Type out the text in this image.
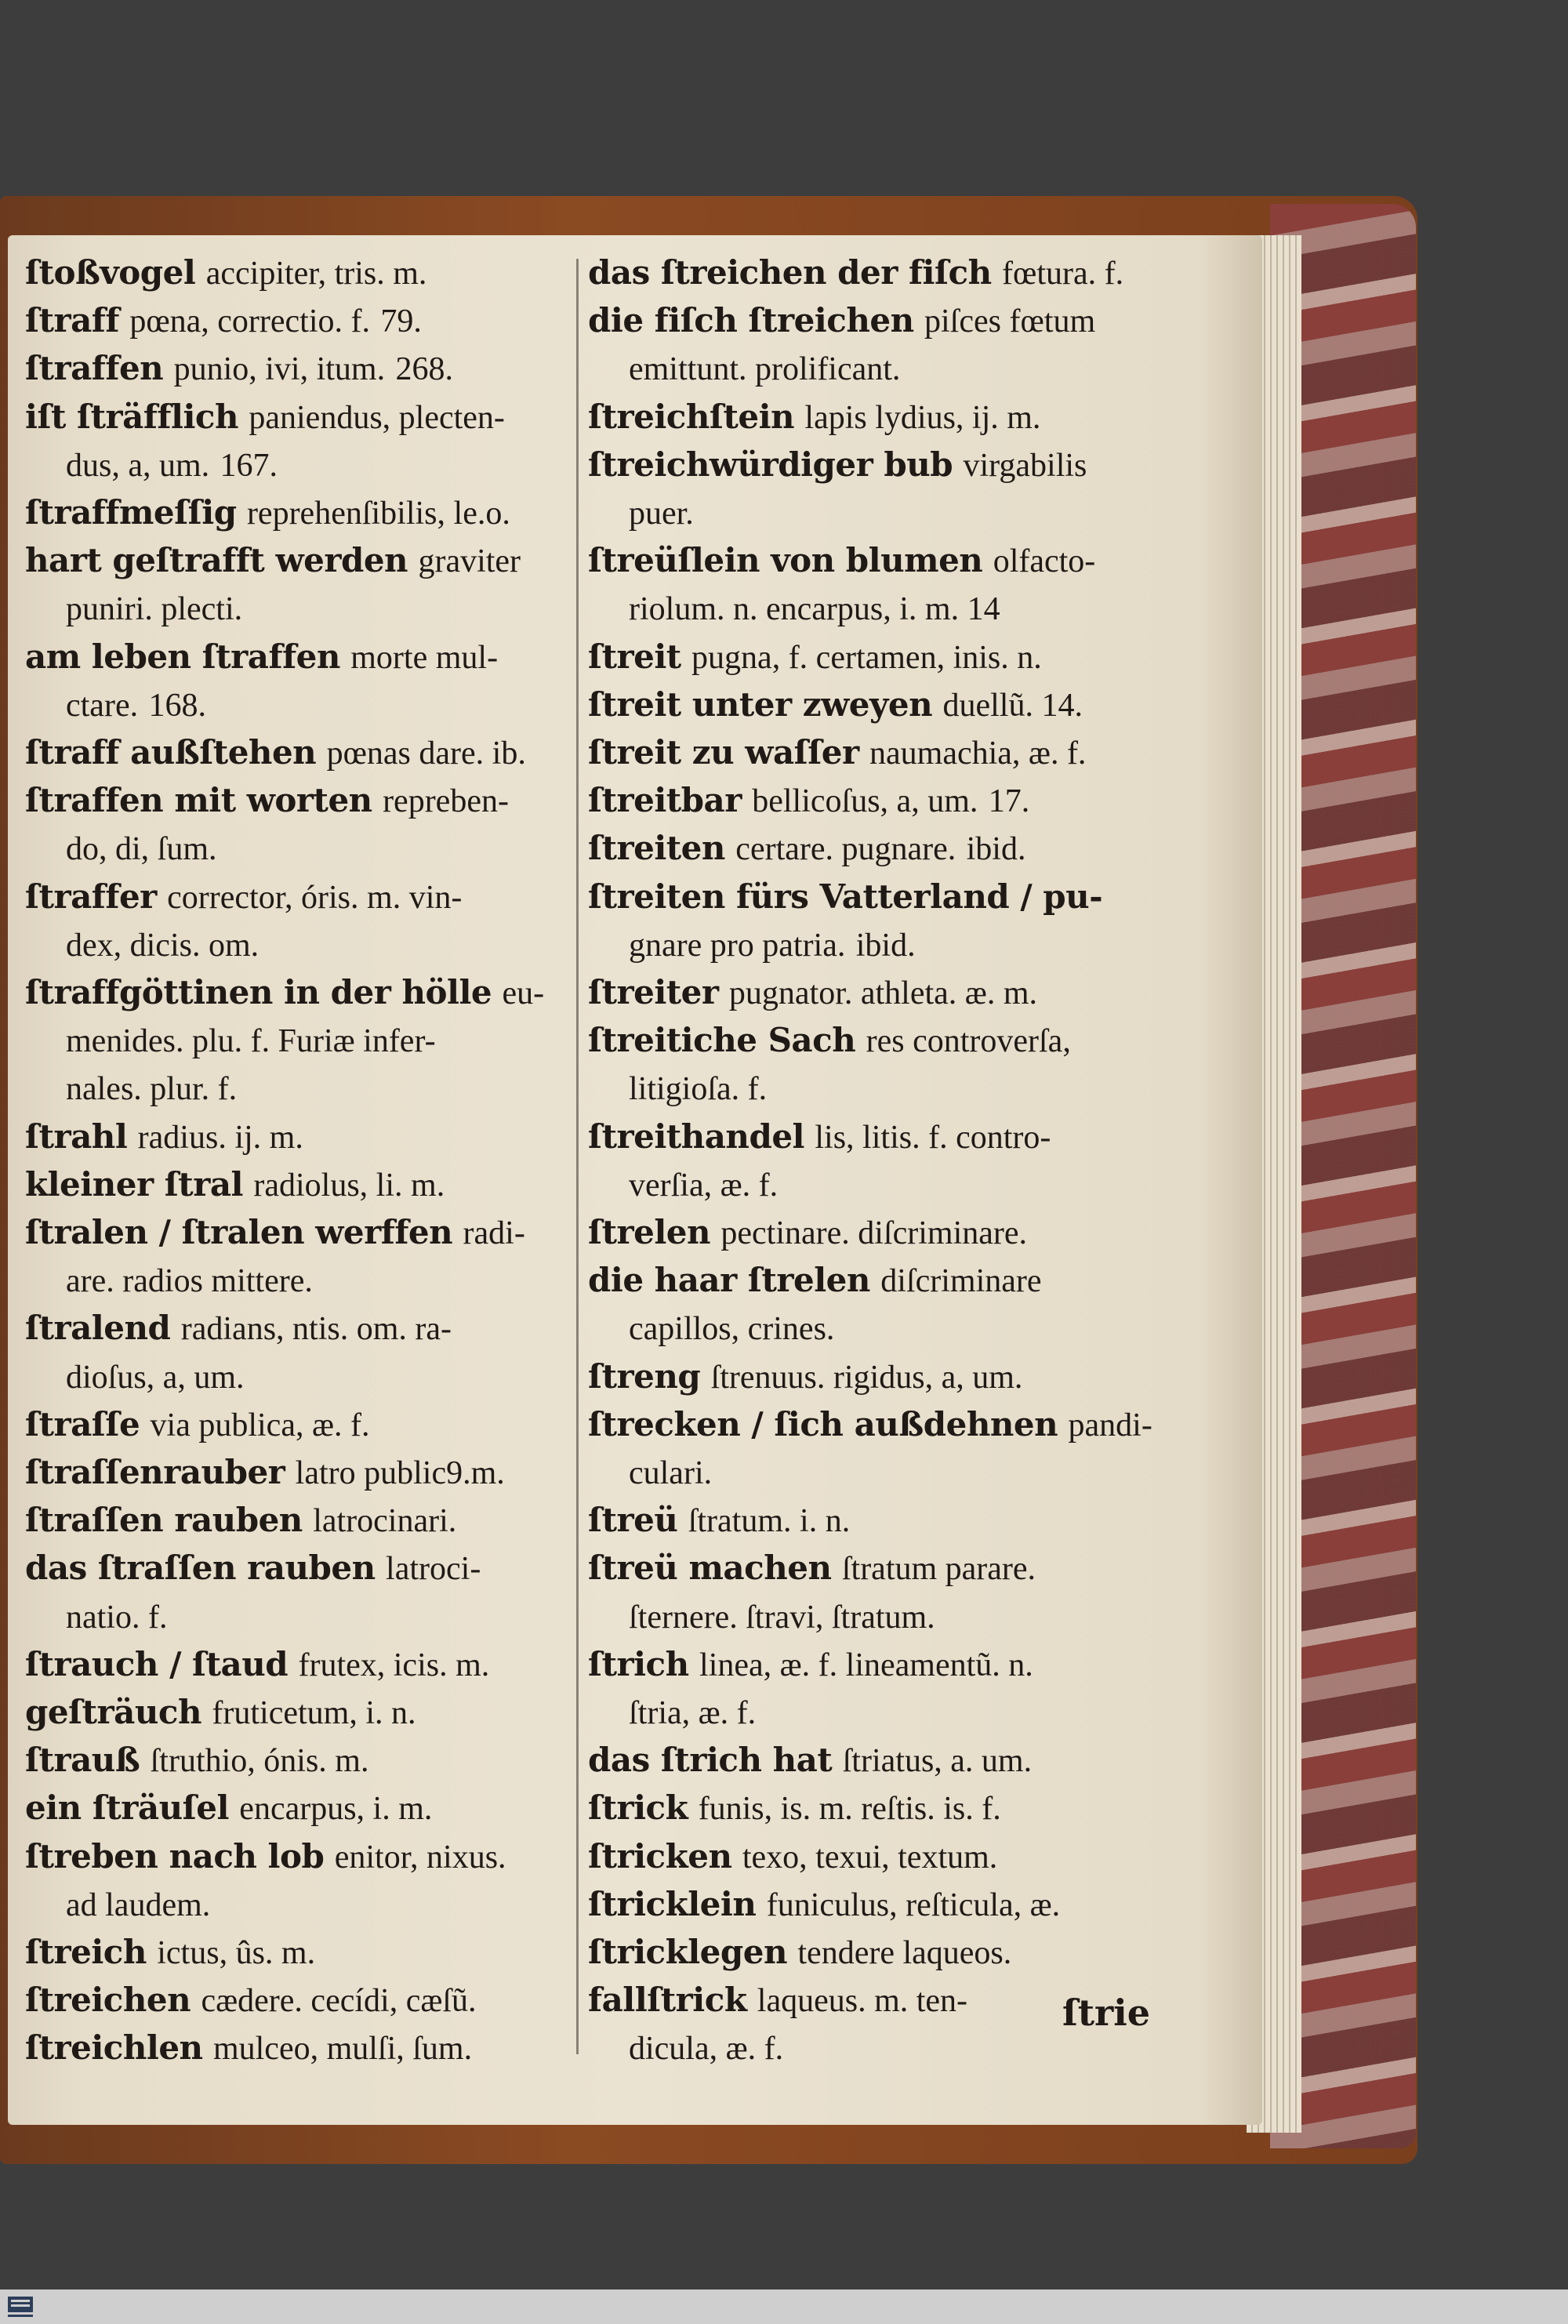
ſtoßvogel accipiter, tris. m.
ſtraff pœna, correctio. f. 79.
ſtraffen punio, ivi, itum. 268.
iſt ſträfflich paniendus, plecten-
dus, a, um. 167.
ſtraffmeſſig reprehenſibilis, le.o.
hart geſtrafft werden graviter
puniri. plecti.
am leben ſtraffen morte mul-
ctare. 168.
ſtraff außſtehen pœnas dare. ib.
ſtraffen mit worten repreben-
do, di, ſum.
ſtraffer corrector, óris. m. vin-
dex, dicis. om.
ſtraffgöttinen in der hölle eu-
menides. plu. f. Furiæ infer-
nales. plur. f.
ſtrahl radius. ij. m.
kleiner ſtral radiolus, li. m.
ſtralen / ſtralen werffen radi-
are. radios mittere.
ſtralend radians, ntis. om. ra-
dioſus, a, um.
ſtraſſe via publica, æ. f.
ſtraſſenrauber latro public9.m.
ſtraſſen rauben latrocinari.
das ſtraſſen rauben latroci-
natio. f.
ſtrauch / ſtaud frutex, icis. m.
geſträuch fruticetum, i. n.
ſtrauß ſtruthio, ónis. m.
ein ſträuſel encarpus, i. m.
ſtreben nach lob enitor, nixus.
ad laudem.
ſtreich ictus, ûs. m.
ſtreichen cædere. cecídi, cæſũ.
ſtreichlen mulceo, mulſi, ſum.
das ſtreichen der fiſch fœtura. f.
die fiſch ſtreichen piſces fœtum
emittunt. prolificant.
ſtreichſtein lapis lydius, ij. m.
ſtreichwürdiger bub virgabilis
puer.
ſtreüſlein von blumen olfacto-
riolum. n. encarpus, i. m. 14
ſtreit pugna, f. certamen, inis. n.
ſtreit unter zweyen duellũ. 14.
ſtreit zu waſſer naumachia, æ. f.
ſtreitbar bellicoſus, a, um. 17.
ſtreiten certare. pugnare. ibid.
ſtreiten fürs Vatterland / pu-
gnare pro patria. ibid.
ſtreiter pugnator. athleta. æ. m.
ſtreitiche Sach res controverſa,
litigioſa. f.
ſtreithandel lis, litis. f. contro-
verſia, æ. f.
ſtrelen pectinare. diſcriminare.
die haar ſtrelen diſcriminare
capillos, crines.
ſtreng ſtrenuus. rigidus, a, um.
ſtrecken / ſich außdehnen pandi-
culari.
ſtreü ſtratum. i. n.
ſtreü machen ſtratum parare.
ſternere. ſtravi, ſtratum.
ſtrich linea, æ. f. lineamentũ. n.
ſtria, æ. f.
das ſtrich hat ſtriatus, a. um.
ſtrick funis, is. m. reſtis. is. f.
ſtricken texo, texui, textum.
ſtricklein funiculus, reſticula, æ.
ſtricklegen tendere laqueos.
fallſtrick laqueus. m. ten-
dicula, æ. f.
ſtrie
